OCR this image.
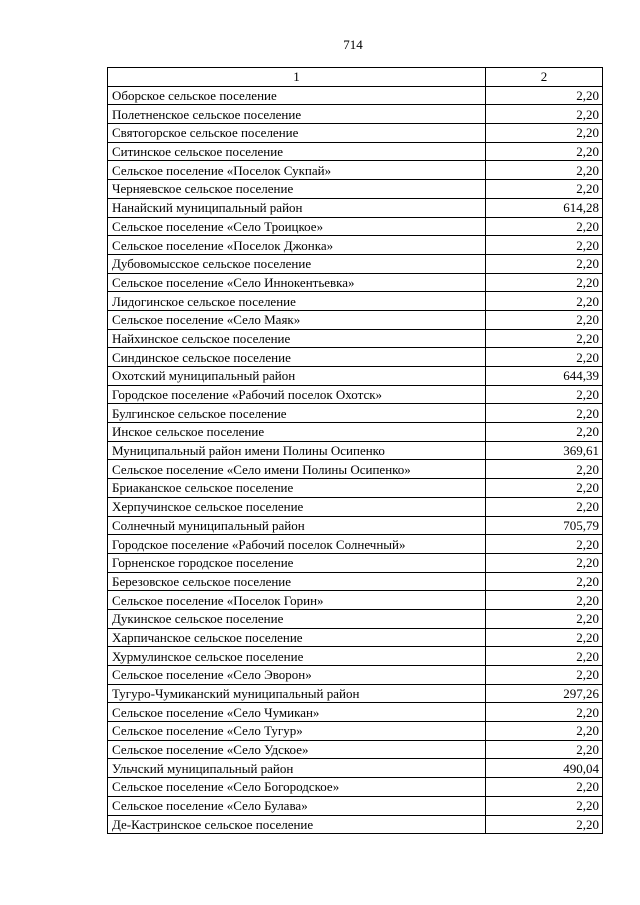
714
1	2
Оборское сельское поселение	2,20
Полетненское сельское поселение	2,20
Святогорское сельское поселение	2,20
Ситинское сельское поселение	2,20
Сельское поселение «Поселок Сукпай»	2,20
Черняевское сельское поселение	2,20
Нанайский муниципальный район	614,28
Сельское поселение «Село Троицкое»	2,20
Сельское поселение «Поселок Джонка»	2,20
Дубовомысское сельское поселение	2,20
Сельское поселение «Село Иннокентьевка»	2,20
Лидогинское сельское поселение	2,20
Сельское поселение «Село Маяк»	2,20
Найхинское сельское поселение	2,20
Синдинское сельское поселение	2,20
Охотский муниципальный район	644,39
Городское поселение «Рабочий поселок Охотск»	2,20
Булгинское сельское поселение	2,20
Инское сельское поселение	2,20
Муниципальный район имени Полины Осипенко	369,61
Сельское поселение «Село имени Полины Осипенко»	2,20
Бриаканское сельское поселение	2,20
Херпучинское сельское поселение	2,20
Солнечный муниципальный район	705,79
Городское поселение «Рабочий поселок Солнечный»	2,20
Горненское городское поселение	2,20
Березовское сельское поселение	2,20
Сельское поселение «Поселок Горин»	2,20
Дукинское сельское поселение	2,20
Харпичанское сельское поселение	2,20
Хурмулинское сельское поселение	2,20
Сельское поселение «Село Эворон»	2,20
Тугуро-Чумиканский муниципальный район	297,26
Сельское поселение «Село Чумикан»	2,20
Сельское поселение «Село Тугур»	2,20
Сельское поселение «Село Удское»	2,20
Ульчский муниципальный район	490,04
Сельское поселение «Село Богородское»	2,20
Сельское поселение «Село Булава»	2,20
Де-Кастринское сельское поселение	2,20
